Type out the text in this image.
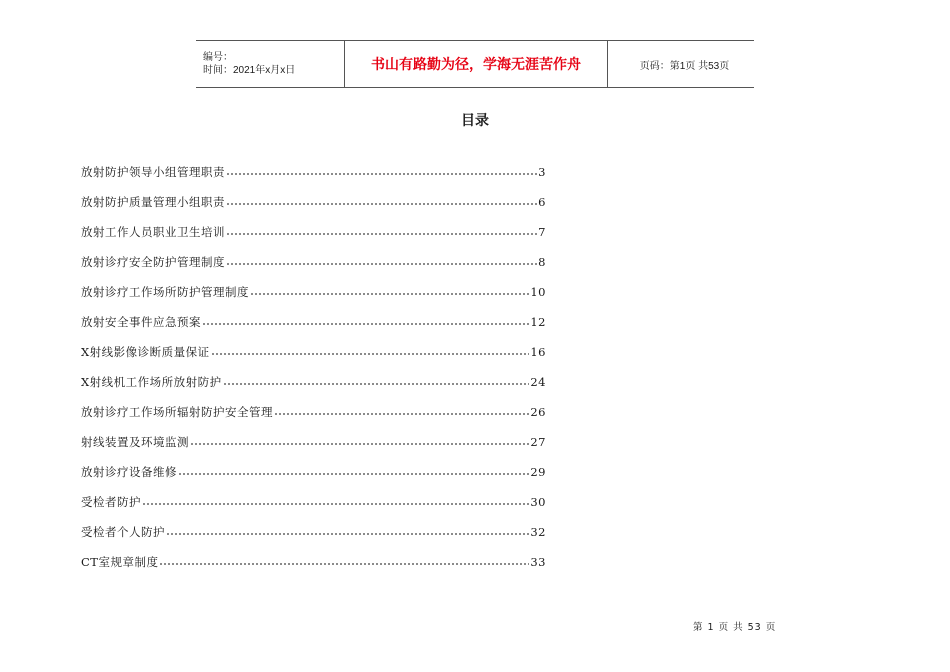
编号：
时间：2021年x月x日	书山有路勤为径，学海无涯苦作舟	页码：第1页 共53页
目录
放射防护领导小组管理职责	3
放射防护质量管理小组职责	6
放射工作人员职业卫生培训	7
放射诊疗安全防护管理制度	8
放射诊疗工作场所防护管理制度	10
放射安全事件应急预案	12
X射线影像诊断质量保证	16
X射线机工作场所放射防护	24
放射诊疗工作场所辐射防护安全管理	26
射线装置及环境监测	27
放射诊疗设备维修	29
受检者防护	30
受检者个人防护	32
CT室规章制度	33
第 1 页 共 53 页
